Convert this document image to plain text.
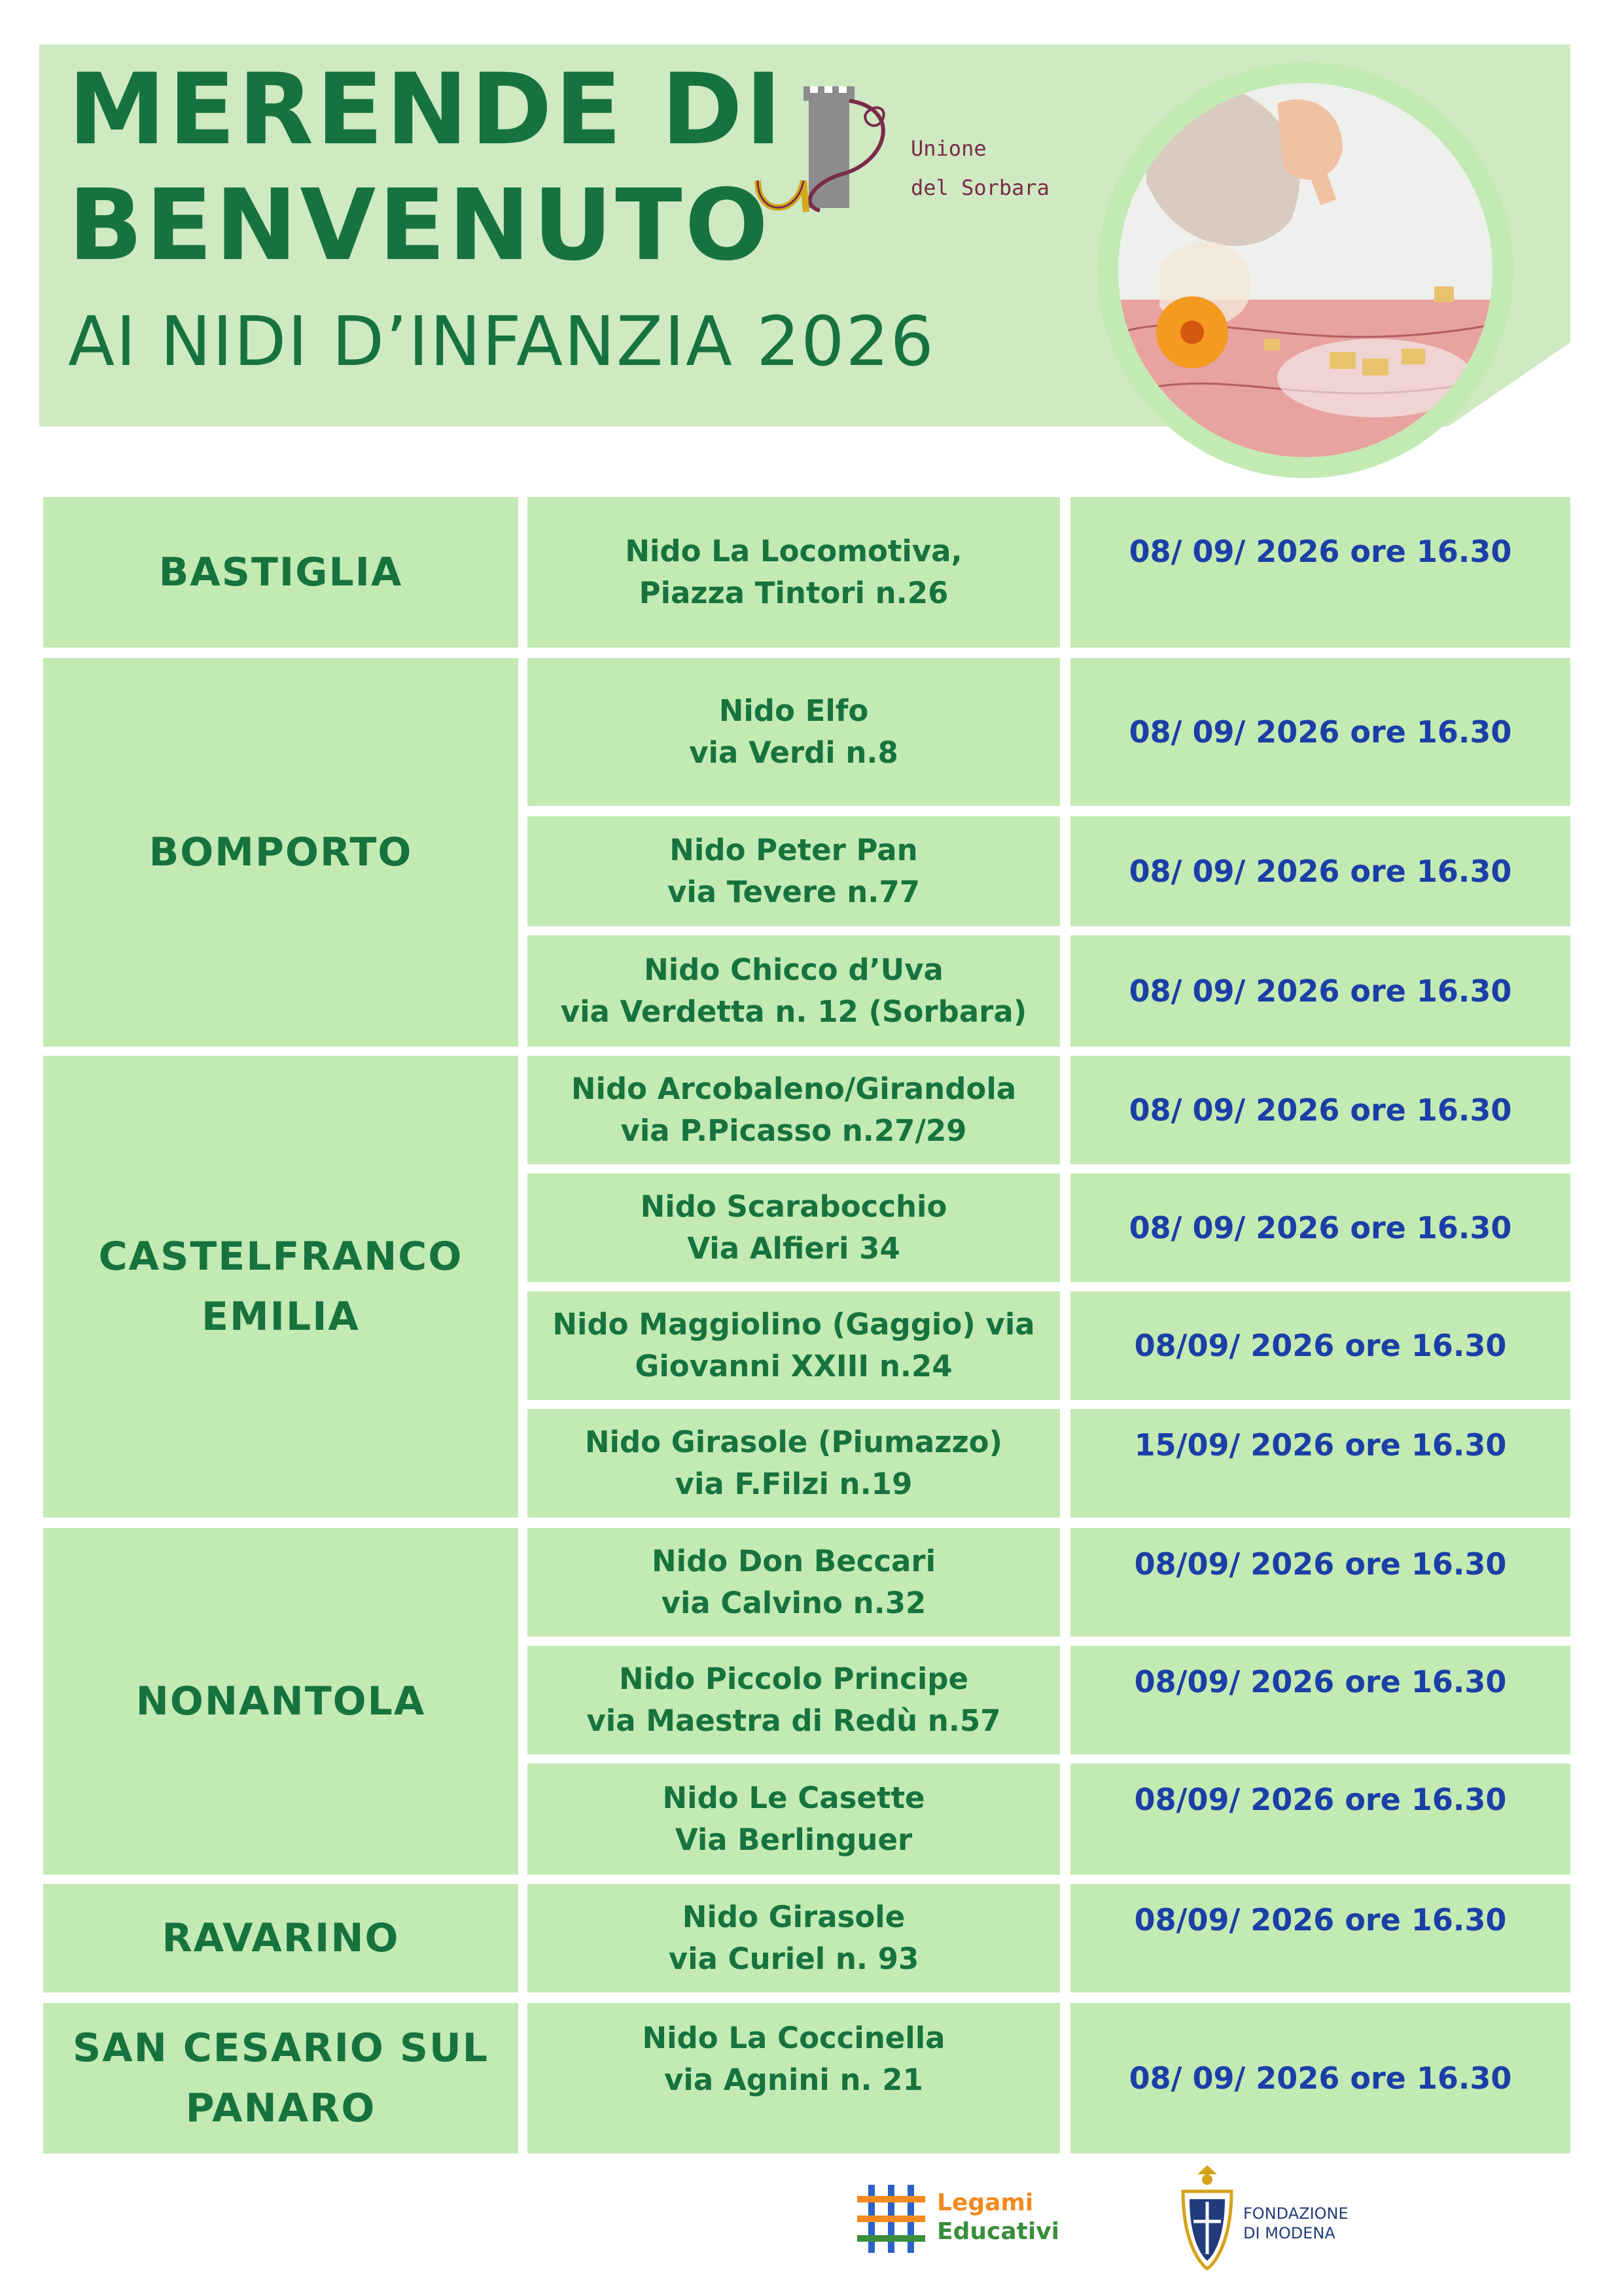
MERENDE DI
BENVENUTO
AI NIDI D’INFANZIA 2026
Unione
del Sorbara
BASTIGLIA
BOMPORTO
CASTELFRANCO
EMILIA
NONANTOLA
RAVARINO
SAN CESARIO SUL
PANARO
Nido La Locomotiva,
Piazza Tintori n.26
Nido Elfo
via Verdi n.8
Nido Peter Pan
via Tevere n.77
Nido Chicco d’Uva
via Verdetta n. 12 (Sorbara)
Nido Arcobaleno/Girandola
via P.Picasso n.27/29
Nido Scarabocchio
Via Alfieri 34
Nido Maggiolino (Gaggio) via
Giovanni XXIII n.24
Nido Girasole (Piumazzo)
via F.Filzi n.19
Nido Don Beccari
via Calvino n.32
Nido Piccolo Principe
via Maestra di Redù n.57
Nido Le Casette
Via Berlinguer
Nido Girasole
via Curiel n. 93
Nido La Coccinella
via Agnini n. 21
08/ 09/ 2026 ore 16.30
08/ 09/ 2026 ore 16.30
08/ 09/ 2026 ore 16.30
08/ 09/ 2026 ore 16.30
08/ 09/ 2026 ore 16.30
08/ 09/ 2026 ore 16.30
08/09/ 2026 ore 16.30
15/09/ 2026 ore 16.30
08/09/ 2026 ore 16.30
08/09/ 2026 ore 16.30
08/09/ 2026 ore 16.30
08/09/ 2026 ore 16.30
08/ 09/ 2026 ore 16.30
Legami
Educativi
FONDAZIONE
DI MODENA
